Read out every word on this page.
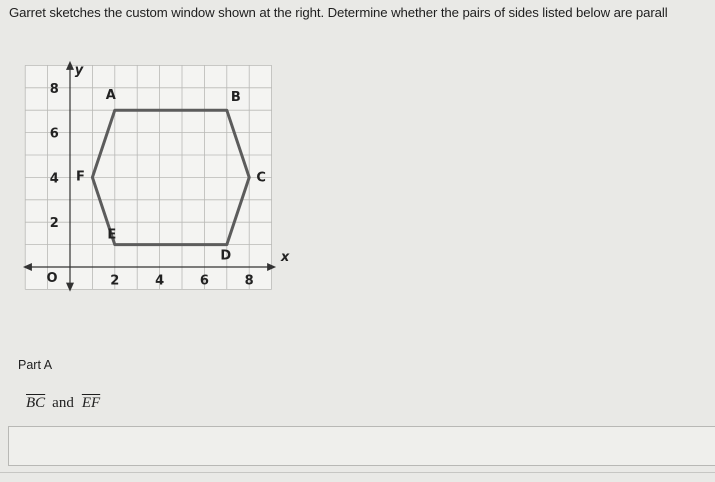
Garret sketches the custom window shown at the right. Determine whether the pairs of sides listed below are parall
y
x
O	2	4	6	8
2
4
6
8	A	B
C
D
E
F
Part A
$\overline{BC}$ and $\overline{EF}$
